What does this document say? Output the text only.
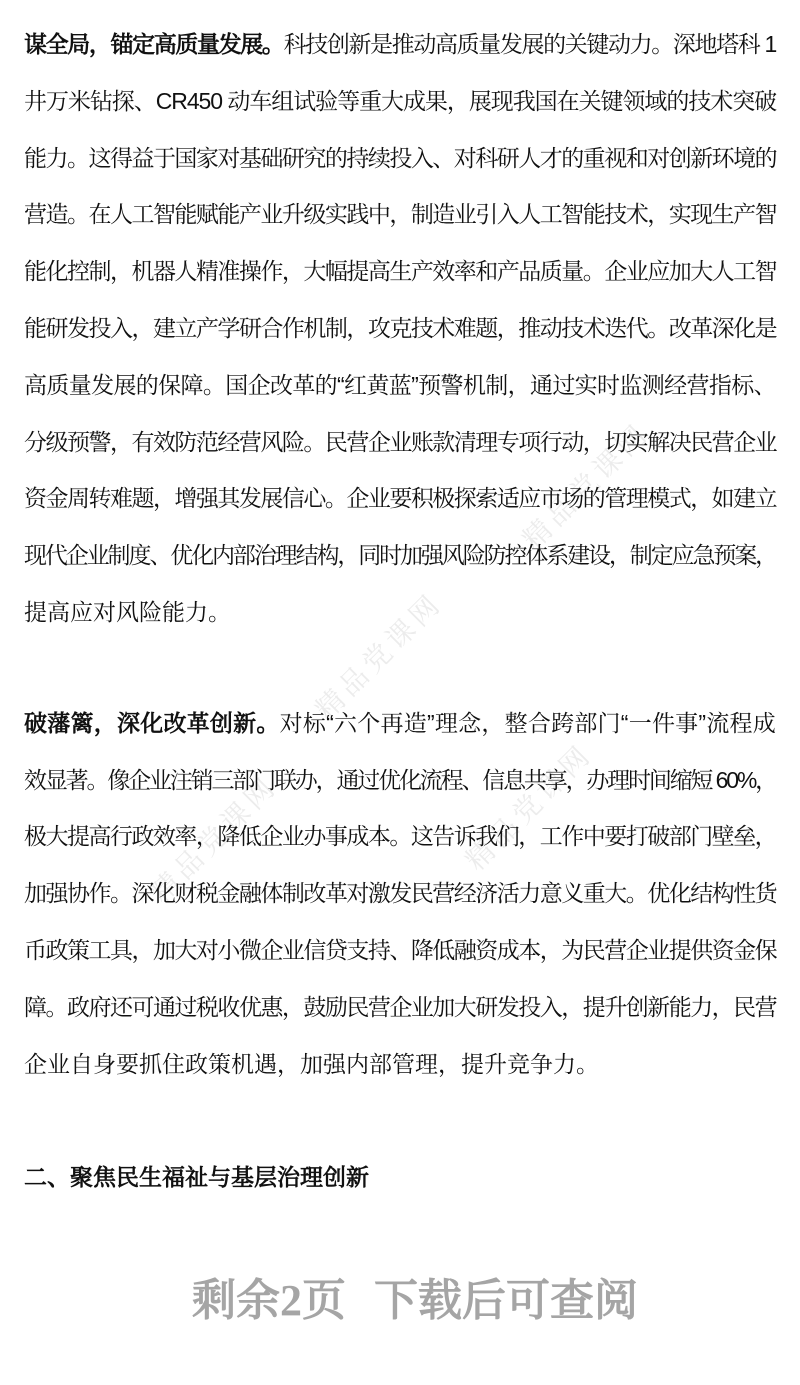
精品党课网
精品党课网
精品党课网	精品党课网
谋全局，锚定高质量发展。科技创新是推动高质量发展的关键动力。深地塔科 1
井万米钻探、CR450 动车组试验等重大成果，展现我国在关键领域的技术突破
能力。这得益于国家对基础研究的持续投入、对科研人才的重视和对创新环境的
营造。在人工智能赋能产业升级实践中，制造业引入人工智能技术，实现生产智
能化控制，机器人精准操作，大幅提高生产效率和产品质量。企业应加大人工智
能研发投入，建立产学研合作机制，攻克技术难题，推动技术迭代。改革深化是
高质量发展的保障。国企改革的“红黄蓝”预警机制，通过实时监测经营指标、
分级预警，有效防范经营风险。民营企业账款清理专项行动，切实解决民营企业
资金周转难题，增强其发展信心。企业要积极探索适应市场的管理模式，如建立
现代企业制度、优化内部治理结构，同时加强风险防控体系建设，制定应急预案，
提高应对风险能力。
破藩篱，深化改革创新。对标“六个再造”理念，整合跨部门“一件事”流程成
效显著。像企业注销三部门联办，通过优化流程、信息共享，办理时间缩短 60%，
极大提高行政效率，降低企业办事成本。这告诉我们，工作中要打破部门壁垒，
加强协作。深化财税金融体制改革对激发民营经济活力意义重大。优化结构性货
币政策工具，加大对小微企业信贷支持、降低融资成本，为民营企业提供资金保
障。政府还可通过税收优惠，鼓励民营企业加大研发投入，提升创新能力，民营
企业自身要抓住政策机遇，加强内部管理，提升竞争力。
二、聚焦民生福祉与基层治理创新
剩余2页 下载后可查阅
